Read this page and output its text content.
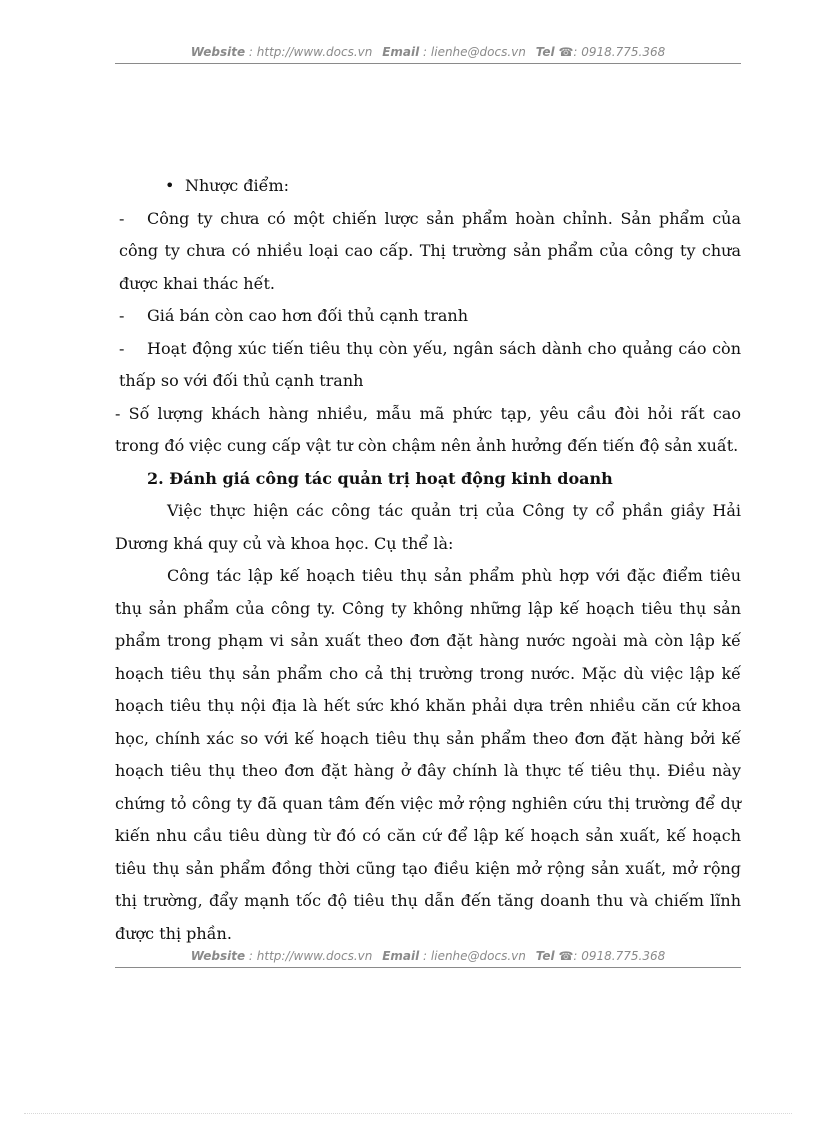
Website : http://www.docs.vn Email : lienhe@docs.vn Tel ☎: 0918.775.368

• Nhược điểm:

- Công ty chưa có một chiến lược sản phẩm hoàn chỉnh. Sản phẩm của công ty chưa có nhiều loại cao cấp. Thị trường sản phẩm của công ty chưa được khai thác hết.

- Giá bán còn cao hơn đối thủ cạnh tranh

- Hoạt động xúc tiến tiêu thụ còn yếu, ngân sách dành cho quảng cáo còn thấp so với đối thủ cạnh tranh

- Số lượng khách hàng nhiều, mẫu mã phức tạp, yêu cầu đòi hỏi rất cao trong đó việc cung cấp vật tư còn chậm nên ảnh hưởng đến tiến độ sản xuất.

2. Đánh giá công tác quản trị hoạt động kinh doanh

Việc thực hiện các công tác quản trị của Công ty cổ phần giầy Hải Dương khá quy củ và khoa học. Cụ thể là:

Công tác lập kế hoạch tiêu thụ sản phẩm phù hợp với đặc điểm tiêu thụ sản phẩm của công ty. Công ty không những lập kế hoạch tiêu thụ sản phẩm trong phạm vi sản xuất theo đơn đặt hàng nước ngoài mà còn lập kế hoạch tiêu thụ sản phẩm cho cả thị trường trong nước. Mặc dù việc lập kế hoạch tiêu thụ nội địa là hết sức khó khăn phải dựa trên nhiều căn cứ khoa học, chính xác so với kế hoạch tiêu thụ sản phẩm theo đơn đặt hàng bởi kế hoạch tiêu thụ theo đơn đặt hàng ở đây chính là thực tế tiêu thụ. Điều này chứng tỏ công ty đã quan tâm đến việc mở rộng nghiên cứu thị trường để dự kiến nhu cầu tiêu dùng từ đó có căn cứ để lập kế hoạch sản xuất, kế hoạch tiêu thụ sản phẩm đồng thời cũng tạo điều kiện mở rộng sản xuất, mở rộng thị trường, đẩy mạnh tốc độ tiêu thụ dẫn đến tăng doanh thu và chiếm lĩnh được thị phần.

Website : http://www.docs.vn Email : lienhe@docs.vn Tel ☎: 0918.775.368
